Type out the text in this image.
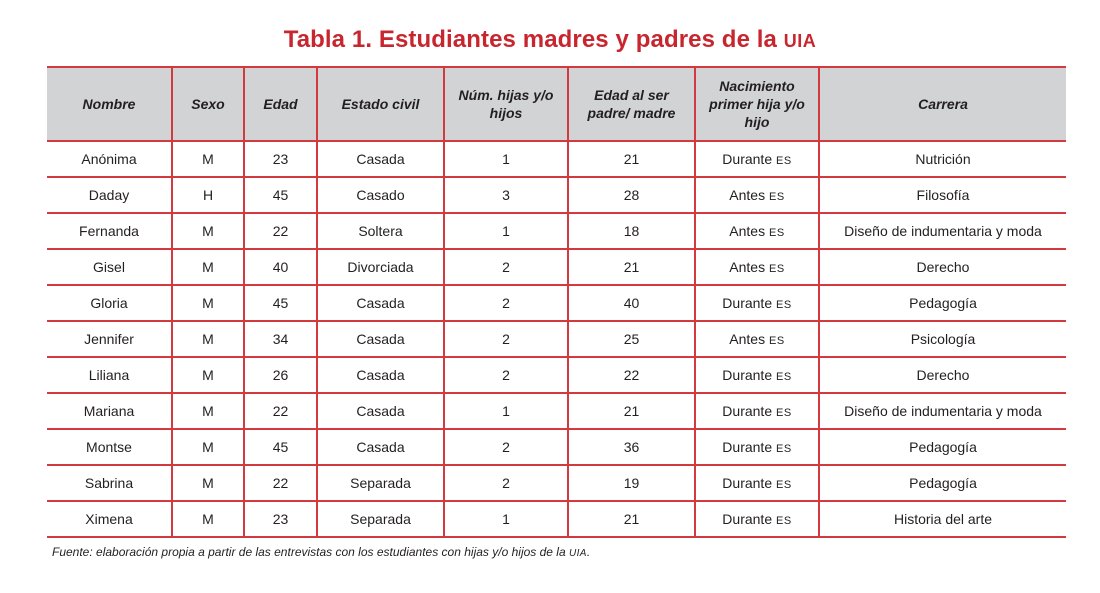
Tabla 1. Estudiantes madres y padres de la UIA
Nombre	Sexo	Edad	Estado civil	Núm. hijas y/o hijos	Edad al ser padre/ madre	Nacimiento primer hija y/o hijo	Carrera
Anónima	M	23	Casada	1	21	Durante ES	Nutrición
Daday	H	45	Casado	3	28	Antes ES	Filosofía
Fernanda	M	22	Soltera	1	18	Antes ES	Diseño de indumentaria y moda
Gisel	M	40	Divorciada	2	21	Antes ES	Derecho
Gloria	M	45	Casada	2	40	Durante ES	Pedagogía
Jennifer	M	34	Casada	2	25	Antes ES	Psicología
Liliana	M	26	Casada	2	22	Durante ES	Derecho
Mariana	M	22	Casada	1	21	Durante ES	Diseño de indumentaria y moda
Montse	M	45	Casada	2	36	Durante ES	Pedagogía
Sabrina	M	22	Separada	2	19	Durante ES	Pedagogía
Ximena	M	23	Separada	1	21	Durante ES	Historia del arte
Fuente: elaboración propia a partir de las entrevistas con los estudiantes con hijas y/o hijos de la UIA.
